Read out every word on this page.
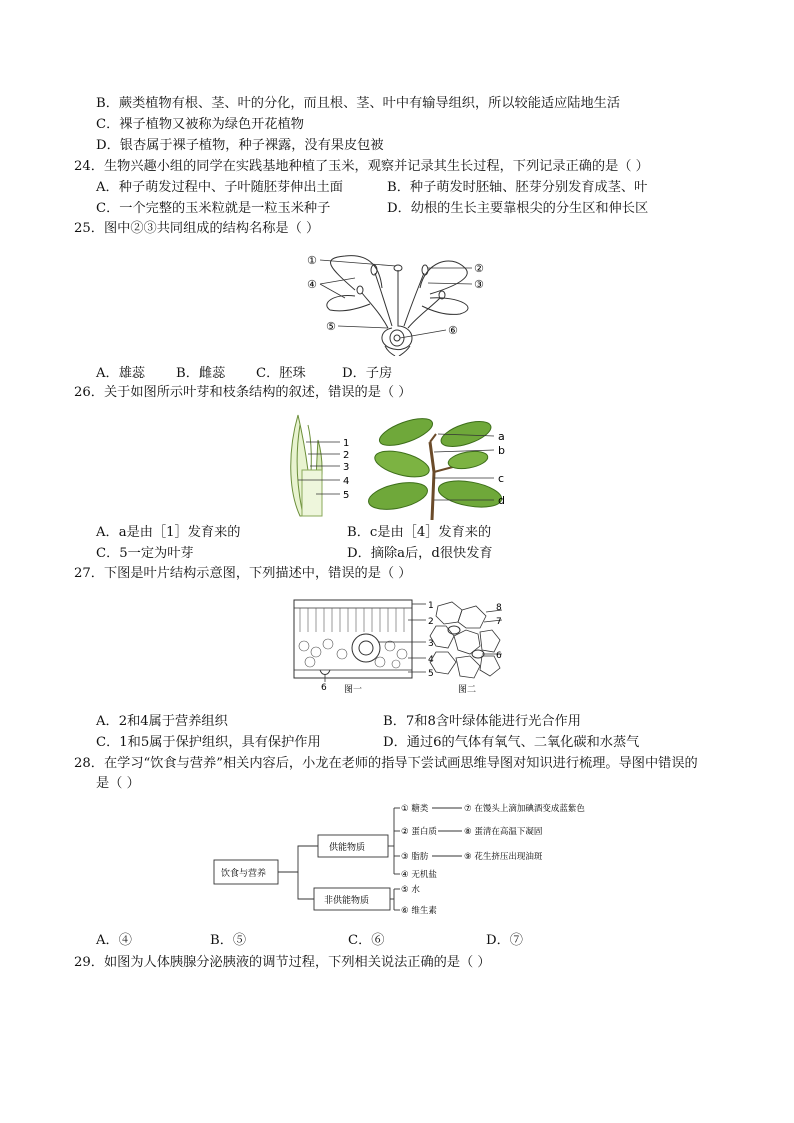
B．蕨类植物有根、茎、叶的分化，而且根、茎、叶中有输导组织，所以较能适应陆地生活
C．裸子植物又被称为绿色开花植物
D．银杏属于裸子植物，种子裸露，没有果皮包被
24．生物兴趣小组的同学在实践基地种植了玉米，观察并记录其生长过程，下列记录正确的是（ ）
A．种子萌发过程中、子叶随胚芽伸出土面	B．种子萌发时胚轴、胚芽分别发育成茎、叶
C．一个完整的玉米粒就是一粒玉米种子	D．幼根的生长主要靠根尖的分生区和伸长区
25．图中②③共同组成的结构名称是（ ）
①
②
③
④
⑤	⑥
A．雄蕊 B．雌蕊 C．胚珠	D．子房
26．关于如图所示叶芽和枝条结构的叙述，错误的是（ ）
1
2
3
4
5
a
b
c
d
A．a是由［1］发育来的	B．c是由［4］发育来的
C．5一定为叶芽	D．摘除a后，d很快发育
27．下图是叶片结构示意图，下列描述中，错误的是（ ）
1
2
3
4
5
6 图一
8
7
6
图二
A．2和4属于营养组织	B．7和8含叶绿体能进行光合作用
C．1和5属于保护组织，具有保护作用	D．通过6的气体有氧气、二氧化碳和水蒸气
28．在学习“饮食与营养”相关内容后，小龙在老师的指导下尝试画思维导图对知识进行梳理。导图中错误的
是（ ）
饮食与营养
供能物质
非供能物质
① 糖类
② 蛋白质
③ 脂肪
④ 无机盐
⑤ 水
⑥ 维生素
⑦ 在馒头上滴加碘酒变成蓝紫色
⑧ 蛋清在高温下凝固
⑨ 花生挤压出现油斑
A．④	B．⑤	C．⑥	D．⑦
29．如图为人体胰腺分泌胰液的调节过程，下列相关说法正确的是（ ）
